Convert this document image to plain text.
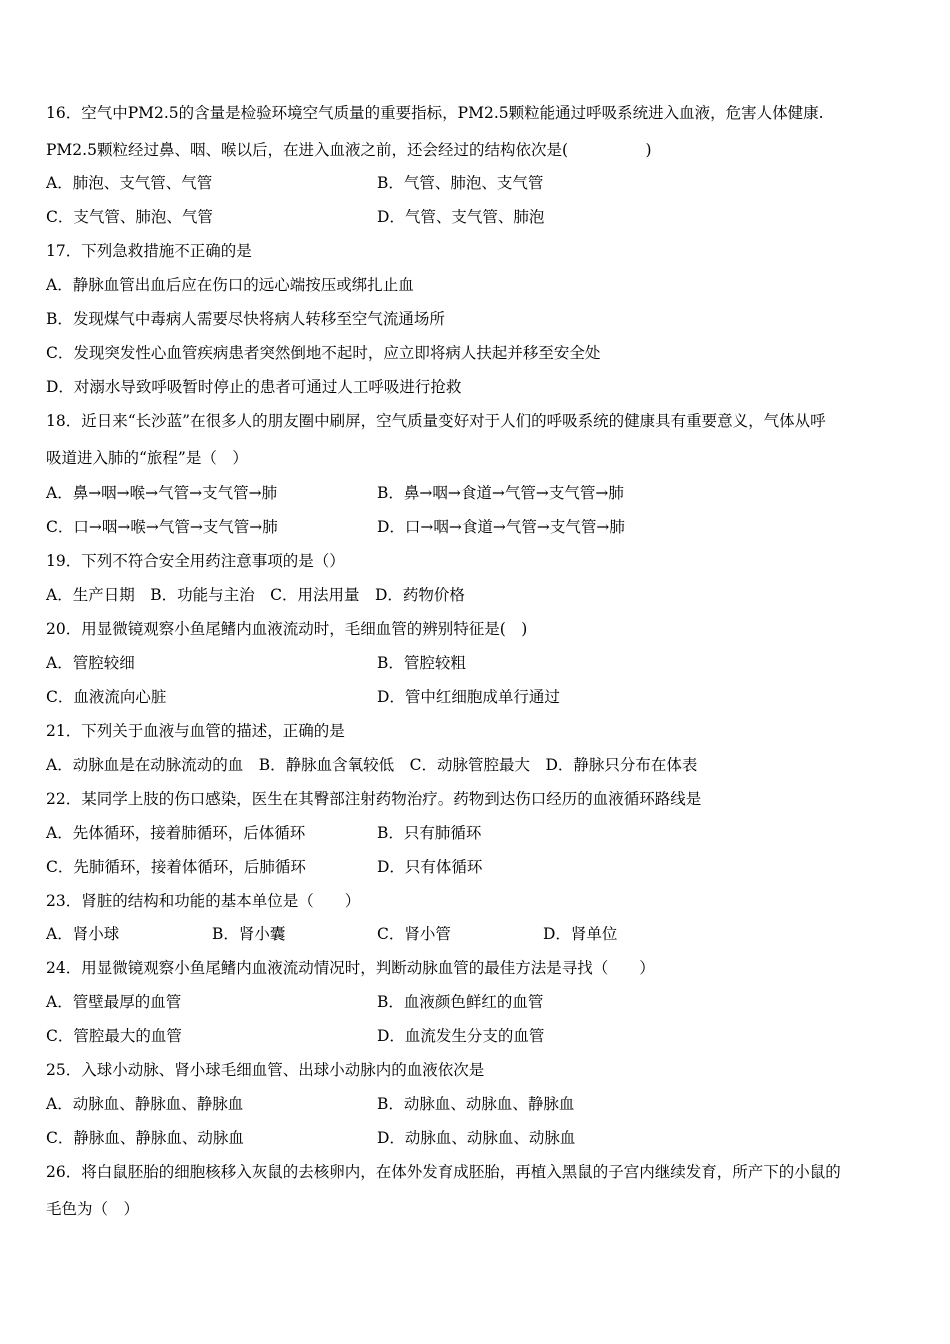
16．空气中PM2.5的含量是检验环境空气质量的重要指标，PM2.5颗粒能通过呼吸系统进入血液，危害人体健康.
PM2.5颗粒经过鼻、咽、喉以后，在进入血液之前，还会经过的结构依次是(　　　　　)
A．肺泡、支气管、气管	B．气管、肺泡、支气管
C．支气管、肺泡、气管	D．气管、支气管、肺泡
17．下列急救措施不正确的是
A．静脉血管出血后应在伤口的远心端按压或绑扎止血
B．发现煤气中毒病人需要尽快将病人转移至空气流通场所
C．发现突发性心血管疾病患者突然倒地不起时，应立即将病人扶起并移至安全处
D．对溺水导致呼吸暂时停止的患者可通过人工呼吸进行抢救
18．近日来“长沙蓝”在很多人的朋友圈中刷屏，空气质量变好对于人们的呼吸系统的健康具有重要意义，气体从呼
吸道进入肺的“旅程”是（　）
A．鼻→咽→喉→气管→支气管→肺	B．鼻→咽→食道→气管→支气管→肺
C．口→咽→喉→气管→支气管→肺	D．口→咽→食道→气管→支气管→肺
19．下列不符合安全用药注意事项的是（）
A．生产日期　B．功能与主治　C．用法用量　D．药物价格
20．用显微镜观察小鱼尾鳍内血液流动时，毛细血管的辨别特征是(　)
A．管腔较细	B．管腔较粗
C．血液流向心脏	D．管中红细胞成单行通过
21．下列关于血液与血管的描述，正确的是
A．动脉血是在动脉流动的血　B．静脉血含氧较低　C．动脉管腔最大　D．静脉只分布在体表
22．某同学上肢的伤口感染，医生在其臀部注射药物治疗。药物到达伤口经历的血液循环路线是
A．先体循环，接着肺循环，后体循环	B．只有肺循环
C．先肺循环，接着体循环，后肺循环	D．只有体循环
23．肾脏的结构和功能的基本单位是（　　）
A．肾小球	B．肾小囊	C．肾小管	D．肾单位
24．用显微镜观察小鱼尾鳍内血液流动情况时，判断动脉血管的最佳方法是寻找（　　）
A．管壁最厚的血管	B．血液颜色鲜红的血管
C．管腔最大的血管	D．血流发生分支的血管
25．入球小动脉、肾小球毛细血管、出球小动脉内的血液依次是
A．动脉血、静脉血、静脉血	B．动脉血、动脉血、静脉血
C．静脉血、静脉血、动脉血	D．动脉血、动脉血、动脉血
26．将白鼠胚胎的细胞核移入灰鼠的去核卵内，在体外发育成胚胎，再植入黑鼠的子宫内继续发育，所产下的小鼠的
毛色为（　）
